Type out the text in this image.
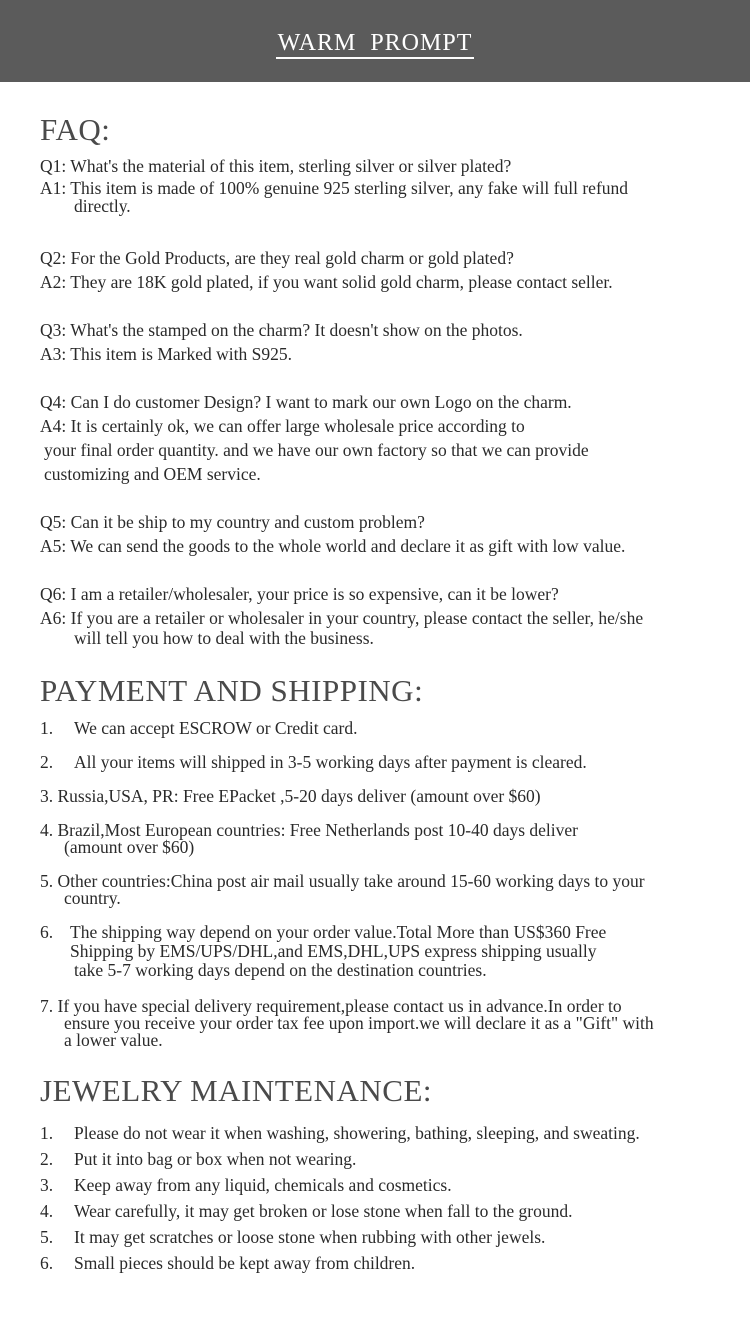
WARM  PROMPT
FAQ:
Q1: What's the material of this item, sterling silver or silver plated?
A1: This item is made of 100% genuine 925 sterling silver, any fake will full refund
directly.
Q2: For the Gold Products, are they real gold charm or gold plated?
A2: They are 18K gold plated, if you want solid gold charm, please contact seller.
Q3: What's the stamped on the charm? It doesn't show on the photos.
A3: This item is Marked with S925.
Q4: Can I do customer Design? I want to mark our own Logo on the charm.
A4: It is certainly ok, we can offer large wholesale price according to
your final order quantity. and we have our own factory so that we can provide
customizing and OEM service.
Q5: Can it be ship to my country and custom problem?
A5: We can send the goods to the whole world and declare it as gift with low value.
Q6: I am a retailer/wholesaler, your price is so expensive, can it be lower?
A6: If you are a retailer or wholesaler in your country, please contact the seller, he/she
will tell you how to deal with the business.
PAYMENT AND SHIPPING:
1. We can accept ESCROW or Credit card.
2. All your items will shipped in 3-5 working days after payment is cleared.
3. Russia,USA, PR: Free EPacket ,5-20 days deliver (amount over $60)
4. Brazil,Most European countries: Free Netherlands post 10-40 days deliver
(amount over $60)
5. Other countries:China post air mail usually take around 15-60 working days to your
country.
6. The shipping way depend on your order value.Total More than US$360 Free
Shipping by EMS/UPS/DHL,and EMS,DHL,UPS express shipping usually
take 5-7 working days depend on the destination countries.
7. If you have special delivery requirement,please contact us in advance.In order to
ensure you receive your order tax fee upon import.we will declare it as a "Gift" with
a lower value.
JEWELRY MAINTENANCE:
1. Please do not wear it when washing, showering, bathing, sleeping, and sweating.
2. Put it into bag or box when not wearing.
3. Keep away from any liquid, chemicals and cosmetics.
4. Wear carefully, it may get broken or lose stone when fall to the ground.
5. It may get scratches or loose stone when rubbing with other jewels.
6. Small pieces should be kept away from children.
